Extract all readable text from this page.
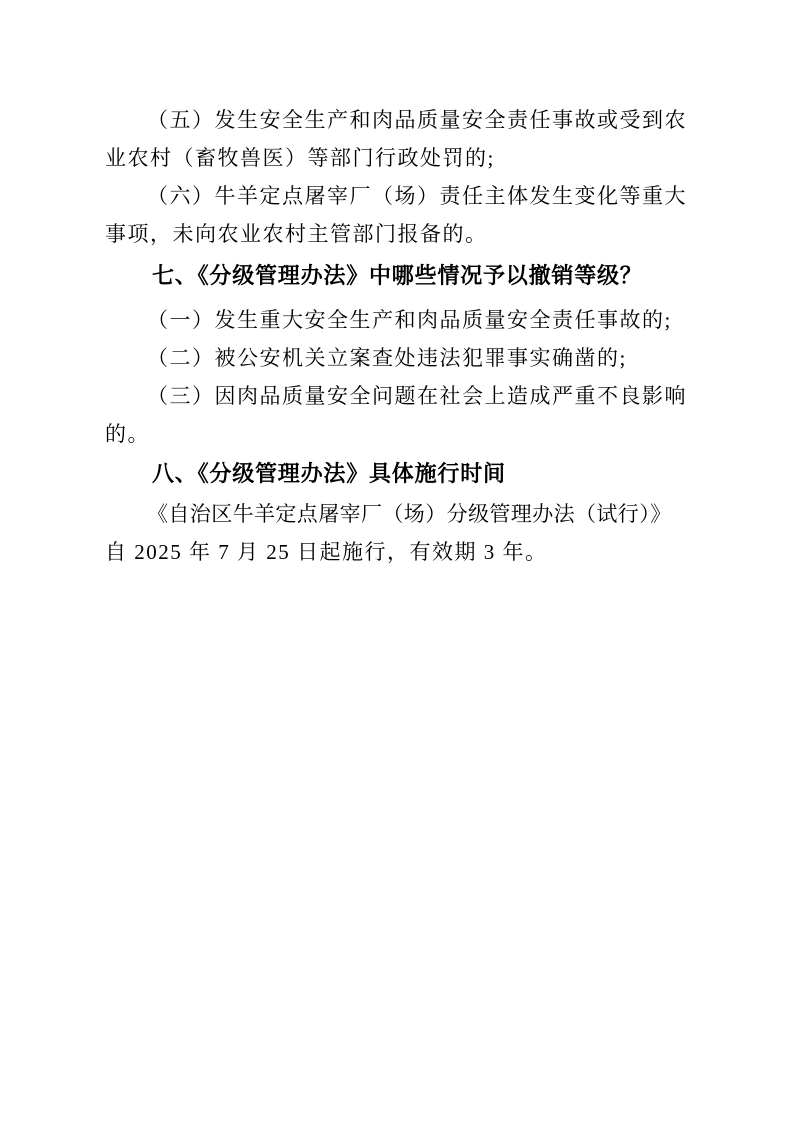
（五）发生安全生产和肉品质量安全责任事故或受到农
业农村（畜牧兽医）等部门行政处罚的;

（六）牛羊定点屠宰厂（场）责任主体发生变化等重大
事项，未向农业农村主管部门报备的。

七、《分级管理办法》中哪些情况予以撤销等级？

（一）发生重大安全生产和肉品质量安全责任事故的;

（二）被公安机关立案查处违法犯罪事实确凿的;

（三）因肉品质量安全问题在社会上造成严重不良影响
的。

八、《分级管理办法》具体施行时间

《自治区牛羊定点屠宰厂（场）分级管理办法（试行）》
自 2025 年 7 月 25 日起施行，有效期 3 年。
